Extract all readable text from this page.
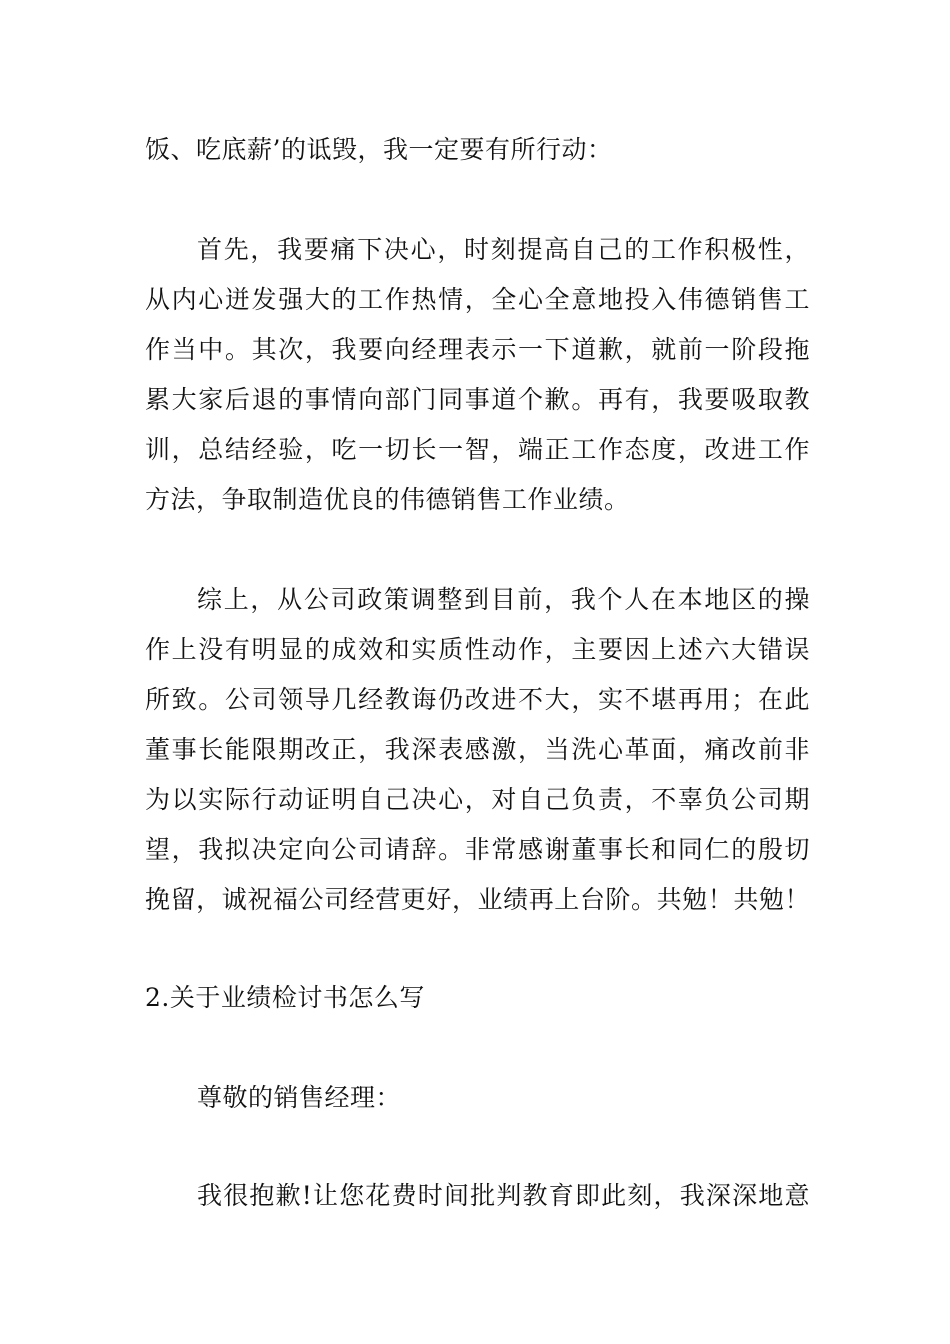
饭、吃底薪’的诋毁，我一定要有所行动：
首先，我要痛下决心，时刻提高自己的工作积极性，
从内心迸发强大的工作热情，全心全意地投入伟德销售工
作当中。其次，我要向经理表示一下道歉，就前一阶段拖
累大家后退的事情向部门同事道个歉。再有，我要吸取教
训，总结经验，吃一切长一智，端正工作态度，改进工作
方法，争取制造优良的伟德销售工作业绩。
综上，从公司政策调整到目前，我个人在本地区的操
作上没有明显的成效和实质性动作，主要因上述六大错误
所致。公司领导几经教诲仍改进不大，实不堪再用；在此
董事长能限期改正，我深表感激，当洗心革面，痛改前非
为以实际行动证明自己决心，对自己负责，不辜负公司期
望，我拟决定向公司请辞。非常感谢董事长和同仁的殷切
挽留，诚祝福公司经营更好，业绩再上台阶。共勉！共勉！
2.关于业绩检讨书怎么写
尊敬的销售经理：
我很抱歉!让您花费时间批判教育即此刻，我深深地意
